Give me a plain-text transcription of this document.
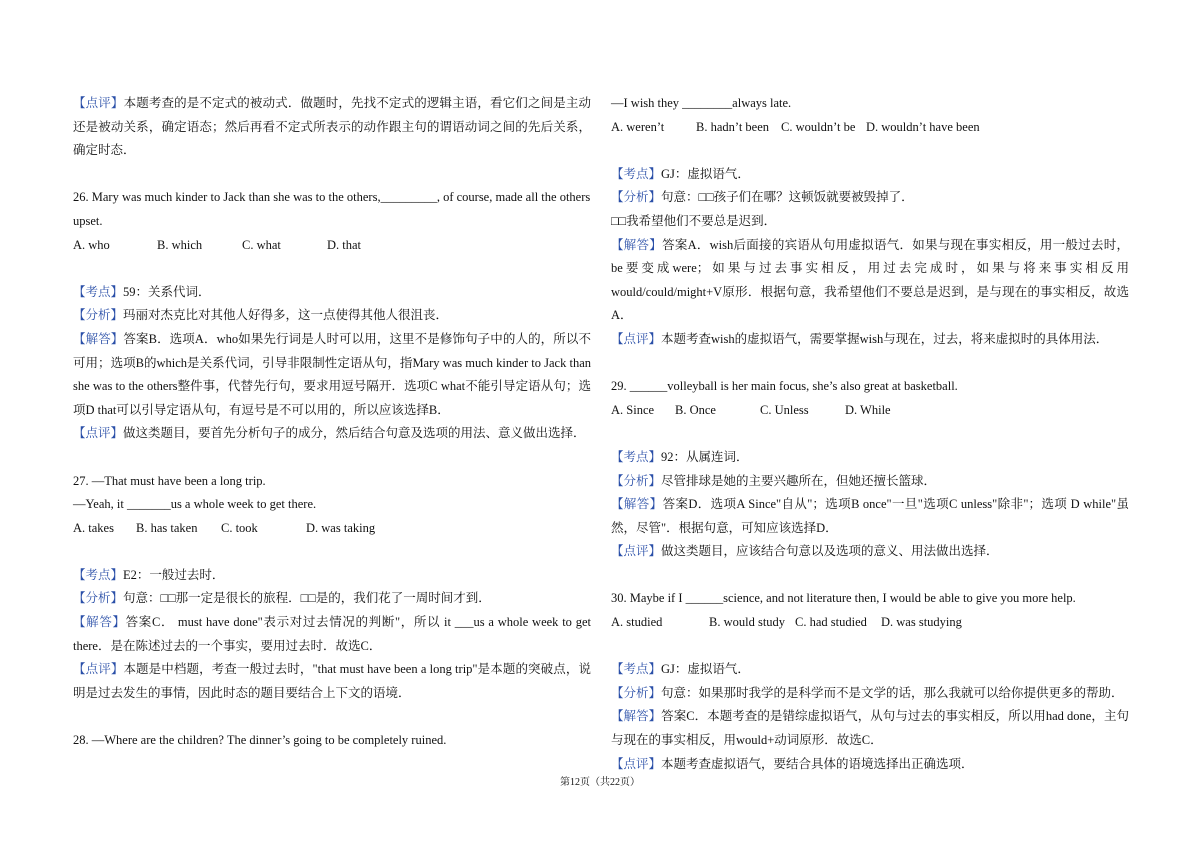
【点评】本题考查的是不定式的被动式．做题时，先找不定式的逻辑主语，看它们之间是主动还是被动关系，确定语态；然后再看不定式所表示的动作跟主句的谓语动词之间的先后关系，确定时态．
26. Mary was much kinder to Jack than she was to the others,_________, of course, made all the others
upset.
A. who	B. which	C. what	D. that
【考点】59：关系代词．
【分析】玛丽对杰克比对其他人好得多，这一点使得其他人很沮丧．
【解答】答案B．选项A．who如果先行词是人时可以用，这里不是修饰句子中的人的，所以不可用；选项B的which是关系代词，引导非限制性定语从句，指Mary was much kinder to Jack than she was to the others整件事，代替先行句，要求用逗号隔开．选项C what不能引导定语从句；选项D that可以引导定语从句，有逗号是不可以用的，所以应该选择B．
【点评】做这类题目，要首先分析句子的成分，然后结合句意及选项的用法、意义做出选择．
27. —That must have been a long trip.
—Yeah, it _______us a whole week to get there.
A. takes B. has taken C. took	D. was taking
【考点】E2：一般过去时．
【分析】句意：□□那一定是很长的旅程．□□是的，我们花了一周时间才到．
【解答】答案C． must have done"表示对过去情况的判断"，所以 it ___us a whole week to get there．是在陈述过去的一个事实，要用过去时．故选C．
【点评】本题是中档题，考查一般过去时，"that must have been a long trip"是本题的突破点，说明是过去发生的事情，因此时态的题目要结合上下文的语境．
28. —Where are the children? The dinner’s going to be completely ruined.
—I wish they ________always late.
A. weren’t	B. hadn’t been C. wouldn’t be D. wouldn’t have been
【考点】GJ：虚拟语气．
【分析】句意：□□孩子们在哪？这顿饭就要被毁掉了．
□□我希望他们不要总是迟到．
【解答】答案A．wish后面接的宾语从句用虚拟语气．如果与现在事实相反，用一般过去时，be要变成were；如果与过去事实相反，用过去完成时，如果与将来事实相反用would/could/might+V原形．根据句意，我希望他们不要总是迟到，是与现在的事实相反，故选A．
【点评】本题考查wish的虚拟语气，需要掌握wish与现在，过去，将来虚拟时的具体用法．
29. ______volleyball is her main focus, she’s also great at basketball.
A. Since B. Once	C. Unless	D. While
【考点】92：从属连词．
【分析】尽管排球是她的主要兴趣所在，但她还擅长篮球．
【解答】答案D．选项A Since"自从"；选项B once"一旦"选项C unless"除非"；选项 D while"虽然，尽管"．根据句意，可知应该选择D．
【点评】做这类题目，应该结合句意以及选项的意义、用法做出选择．
30. Maybe if I ______science, and not literature then, I would be able to give you more help.
A. studied	B. would study C. had studied D. was studying
【考点】GJ：虚拟语气．
【分析】句意：如果那时我学的是科学而不是文学的话，那么我就可以给你提供更多的帮助．
【解答】答案C．本题考查的是错综虚拟语气，从句与过去的事实相反，所以用had done，主句与现在的事实相反，用would+动词原形．故选C．
【点评】本题考查虚拟语气，要结合具体的语境选择出正确选项．
第12页（共22页）
